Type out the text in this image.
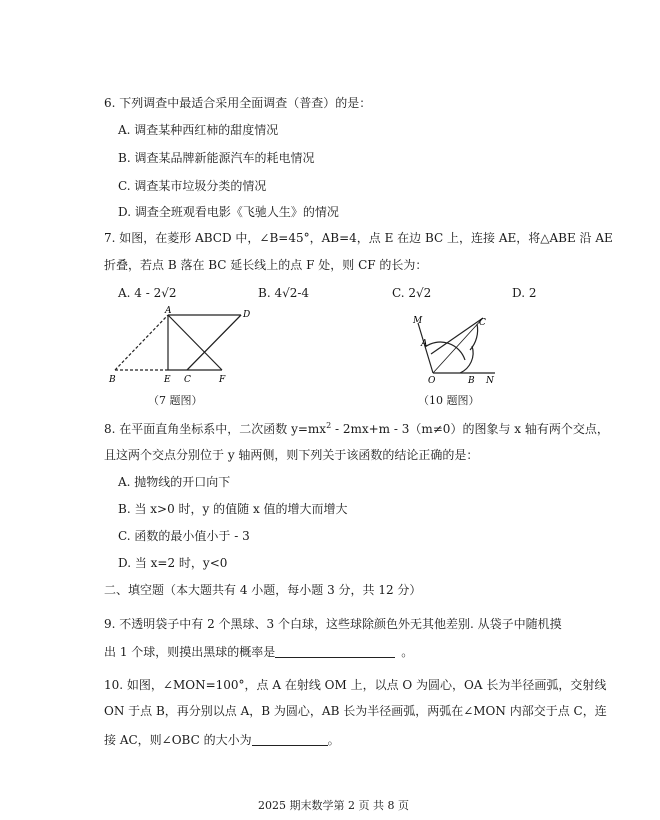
6. 下列调查中最适合采用全面调查（普查）的是：
A. 调查某种西红柿的甜度情况
B. 调查某品牌新能源汽车的耗电情况
C. 调查某市垃圾分类的情况
D. 调查全班观看电影《飞驰人生》的情况
7. 如图，在菱形 ABCD 中，∠B=45°，AB=4，点 E 在边 BC 上，连接 AE，将△ABE 沿 AE
折叠，若点 B 落在 BC 延长线上的点 F 处，则 CF 的长为：
A. 4 - 2√2	B. 4√2-4	C. 2√2	D. 2
A	D
B	E C	F
（7 题图）
M
A
C
O	B N
（10 题图）
8. 在平面直角坐标系中，二次函数 $y=mx^2 - 2mx+m - 3(m\ne 0)$的图象与 x 轴有两个交点，
且这两个交点分别位于 y 轴两侧，则下列关于该函数的结论正确的是：
A. 抛物线的开口向下
B. 当 x>0 时，y 的值随 x 值的增大而增大
C. 函数的最小值小于 - 3
D. 当 x=2 时，y<0
二、填空题（本大题共有 4 小题，每小题 3 分，共 12 分）
9. 不透明袋子中有 2 个黑球、3 个白球，这些球除颜色外无其他差别. 从袋子中随机摸
出 1 个球，则摸出黑球的概率是	。
10. 如图，∠MON=100°，点 A 在射线 OM 上，以点 O 为圆心，OA 长为半径画弧，交射线
ON 于点 B，再分别以点 A，B 为圆心，AB 长为半径画弧，两弧在∠MON 内部交于点 C，连
接 AC，则∠OBC 的大小为	。
2025 期末数学第 2 页 共 8 页
